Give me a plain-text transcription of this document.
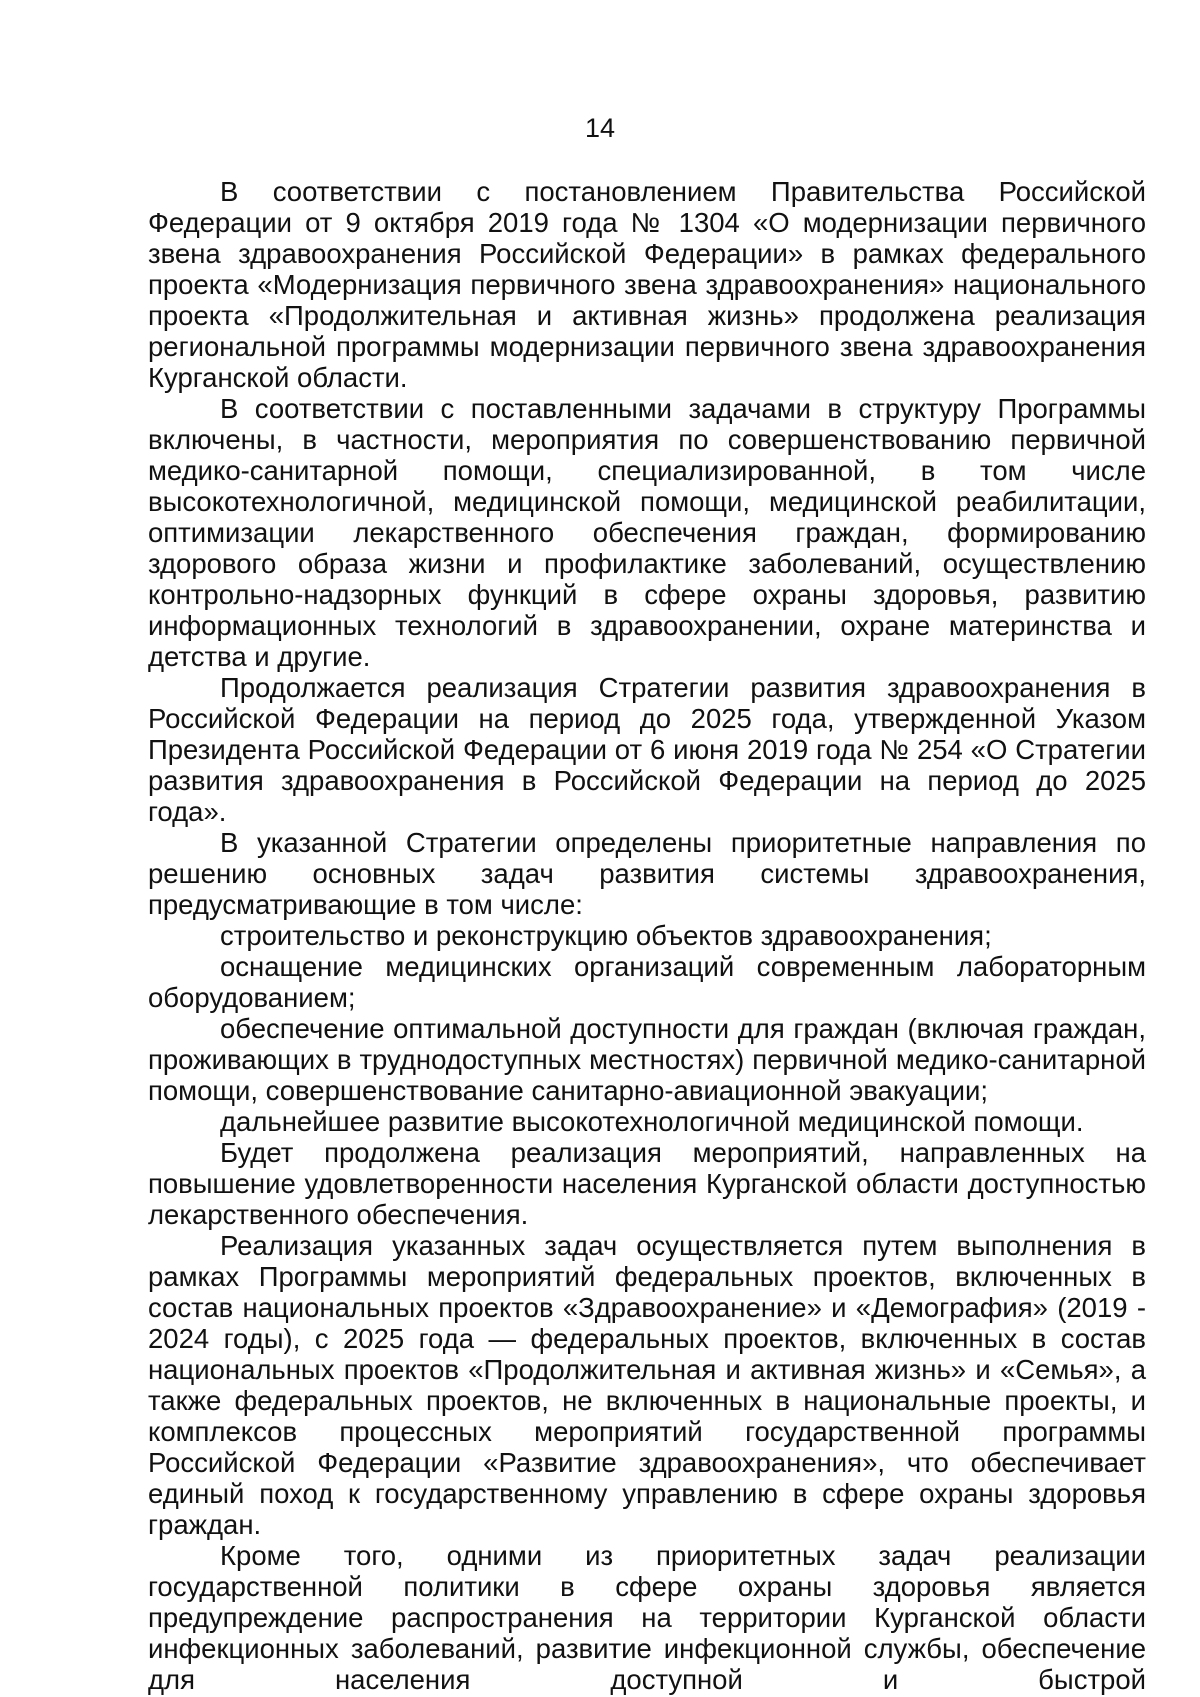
14

В соответствии с постановлением Правительства Российской Федерации от 9 октября 2019 года № 1304 «О модернизации первичного звена здравоохранения Российской Федерации» в рамках федерального проекта «Модернизация первичного звена здравоохранения» национального проекта «Продолжительная и активная жизнь» продолжена реализация региональной программы модернизации первичного звена здравоохранения Курганской области.

В соответствии с поставленными задачами в структуру Программы включены, в частности, мероприятия по совершенствованию первичной медико-санитарной помощи, специализированной, в том числе высокотехнологичной, медицинской помощи, медицинской реабилитации, оптимизации лекарственного обеспечения граждан, формированию здорового образа жизни и профилактике заболеваний, осуществлению контрольно-надзорных функций в сфере охраны здоровья, развитию информационных технологий в здравоохранении, охране материнства и детства и другие.

Продолжается реализация Стратегии развития здравоохранения в Российской Федерации на период до 2025 года, утвержденной Указом Президента Российской Федерации от 6 июня 2019 года № 254 «О Стратегии развития здравоохранения в Российской Федерации на период до 2025 года».

В указанной Стратегии определены приоритетные направления по решению основных задач развития системы здравоохранения, предусматривающие в том числе:

строительство и реконструкцию объектов здравоохранения;

оснащение медицинских организаций современным лабораторным оборудованием;

обеспечение оптимальной доступности для граждан (включая граждан, проживающих в труднодоступных местностях) первичной медико-санитарной помощи, совершенствование санитарно-авиационной эвакуации;

дальнейшее развитие высокотехнологичной медицинской помощи.

Будет продолжена реализация мероприятий, направленных на повышение удовлетворенности населения Курганской области доступностью лекарственного обеспечения.

Реализация указанных задач осуществляется путем выполнения в рамках Программы мероприятий федеральных проектов, включенных в состав национальных проектов «Здравоохранение» и «Демография» (2019 - 2024 годы), с 2025 года — федеральных проектов, включенных в состав национальных проектов «Продолжительная и активная жизнь» и «Семья», а также федеральных проектов, не включенных в национальные проекты, и комплексов процессных мероприятий государственной программы Российской Федерации «Развитие здравоохранения», что обеспечивает единый поход к государственному управлению в сфере охраны здоровья граждан.

Кроме того, одними из приоритетных задач реализации государственной политики в сфере охраны здоровья является предупреждение распространения на территории Курганской области инфекционных заболеваний, развитие инфекционной службы, обеспечение для населения доступной и быстрой
